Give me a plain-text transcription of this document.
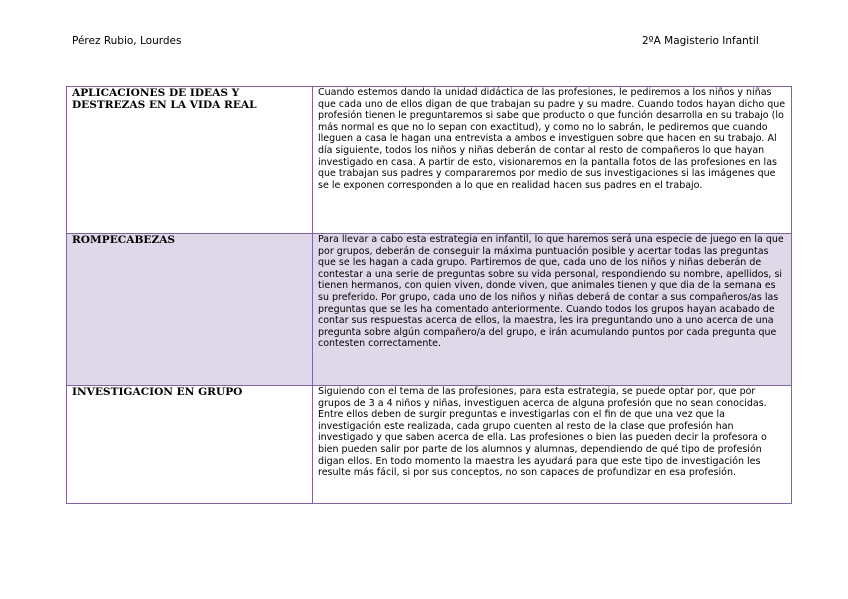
Pérez Rubio, Lourdes	2ºA Magisterio Infantil
APLICACIONES DE IDEAS Y DESTREZAS EN LA VIDA REAL	Cuando estemos dando la unidad didáctica de las profesiones, le pediremos a los niños y niñas que cada uno de ellos digan de que trabajan su padre y su madre. Cuando todos hayan dicho que profesión tienen le preguntaremos si sabe que producto o que función desarrolla en su trabajo (lo más normal es que no lo sepan con exactitud), y como no lo sabrán, le pediremos que cuando lleguen a casa le hagan una entrevista a ambos e investiguen sobre que hacen en su trabajo. Al día siguiente, todos los niños y niñas deberán de contar al resto de compañeros lo que hayan investigado en casa. A partir de esto, visionaremos en la pantalla fotos de las profesiones en las que trabajan sus padres y compararemos por medio de sus investigaciones si las imágenes que se le exponen corresponden a lo que en realidad hacen sus padres en el trabajo.
ROMPECABEZAS	Para llevar a cabo esta estrategia en infantil, lo que haremos será una especie de juego en la que por grupos, deberán de conseguir la máxima puntuación posible y acertar todas las preguntas que se les hagan a cada grupo. Partiremos de que, cada uno de los niños y niñas deberán de contestar a una serie de preguntas sobre su vida personal, respondiendo su nombre, apellidos, si tienen hermanos, con quien viven, donde viven, que animales tienen y que dia de la semana es su preferido. Por grupo, cada uno de los niños y niñas deberá de contar a sus compañeros/as las preguntas que se les ha comentado anteriormente. Cuando todos los grupos hayan acabado de contar sus respuestas acerca de ellos, la maestra, les ira preguntando uno a uno acerca de una pregunta sobre algún compañero/a del grupo, e irán acumulando puntos por cada pregunta que contesten correctamente.
INVESTIGACION EN GRUPO	Siguiendo con el tema de las profesiones, para esta estrategia, se puede optar por, que por grupos de 3 a 4 niños y niñas, investiguen acerca de alguna profesión que no sean conocidas. Entre ellos deben de surgir preguntas e investigarlas con el fin de que una vez que la investigación este realizada, cada grupo cuenten al resto de la clase que profesión han investigado y que saben acerca de ella. Las profesiones o bien las pueden decir la profesora o bien pueden salir por parte de los alumnos y alumnas, dependiendo de qué tipo de profesión digan ellos. En todo momento la maestra les ayudará para que este tipo de investigación les resulte más fácil, si por sus conceptos, no son capaces de profundizar en esa profesión.
